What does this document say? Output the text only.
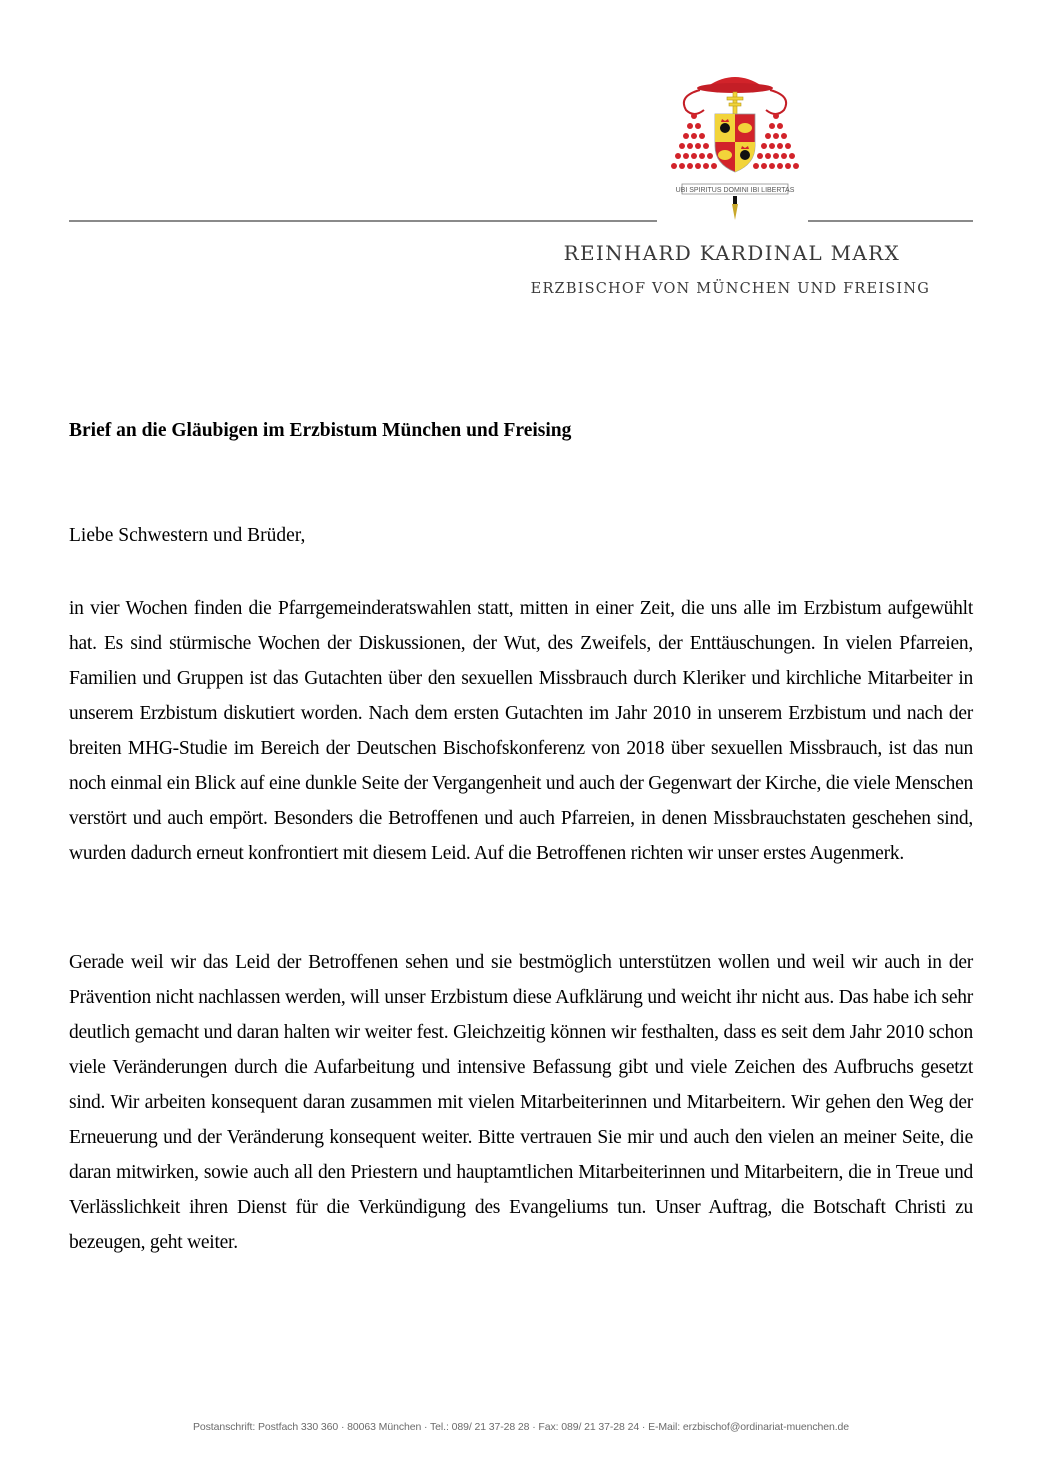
UBI SPIRITUS DOMINI IBI LIBERTAS
REINHARD KARDINAL MARX
ERZBISCHOF VON MÜNCHEN UND FREISING
Brief an die Gläubigen im Erzbistum München und Freising
Liebe Schwestern und Brüder,

in vier Wochen finden die Pfarrgemeinderatswahlen statt, mitten in einer Zeit, die uns alle im Erzbistum aufgewühlt hat. Es sind stürmische Wochen der Diskussionen, der Wut, des Zweifels, der Enttäuschungen. In vielen Pfarreien, Familien und Gruppen ist das Gutachten über den sexuellen Missbrauch durch Kleriker und kirchliche Mitarbeiter in unserem Erzbistum diskutiert worden. Nach dem ersten Gutachten im Jahr 2010 in unserem Erzbistum und nach der breiten MHG-Studie im Bereich der Deutschen Bischofskonferenz von 2018 über sexuellen Missbrauch, ist das nun noch einmal ein Blick auf eine dunkle Seite der Vergangenheit und auch der Gegenwart der Kirche, die viele Menschen verstört und auch empört. Besonders die Betroffenen und auch Pfarreien, in denen Missbrauchstaten geschehen sind, wurden dadurch erneut konfrontiert mit diesem Leid. Auf die Betroffenen richten wir unser erstes Augenmerk.

Gerade weil wir das Leid der Betroffenen sehen und sie bestmöglich unterstützen wollen und weil wir auch in der Prävention nicht nachlassen werden, will unser Erzbistum diese Aufklärung und weicht ihr nicht aus. Das habe ich sehr deutlich gemacht und daran halten wir weiter fest. Gleichzeitig können wir festhalten, dass es seit dem Jahr 2010 schon viele Veränderungen durch die Aufarbeitung und intensive Befassung gibt und viele Zeichen des Aufbruchs gesetzt sind. Wir arbeiten konsequent daran zusammen mit vielen Mitarbeiterinnen und Mitarbeitern. Wir gehen den Weg der Erneuerung und der Veränderung konsequent weiter. Bitte vertrauen Sie mir und auch den vielen an meiner Seite, die daran mitwirken, sowie auch all den Priestern und hauptamtlichen Mitarbeiterinnen und Mitarbeitern, die in Treue und Verlässlichkeit ihren Dienst für die Verkündigung des Evangeliums tun. Unser Auftrag, die Botschaft Christi zu bezeugen, geht weiter.

Postanschrift: Postfach 330 360 · 80063 München · Tel.: 089/ 21 37-28 28 · Fax: 089/ 21 37-28 24 · E-Mail: erzbischof@ordinariat-muenchen.de
